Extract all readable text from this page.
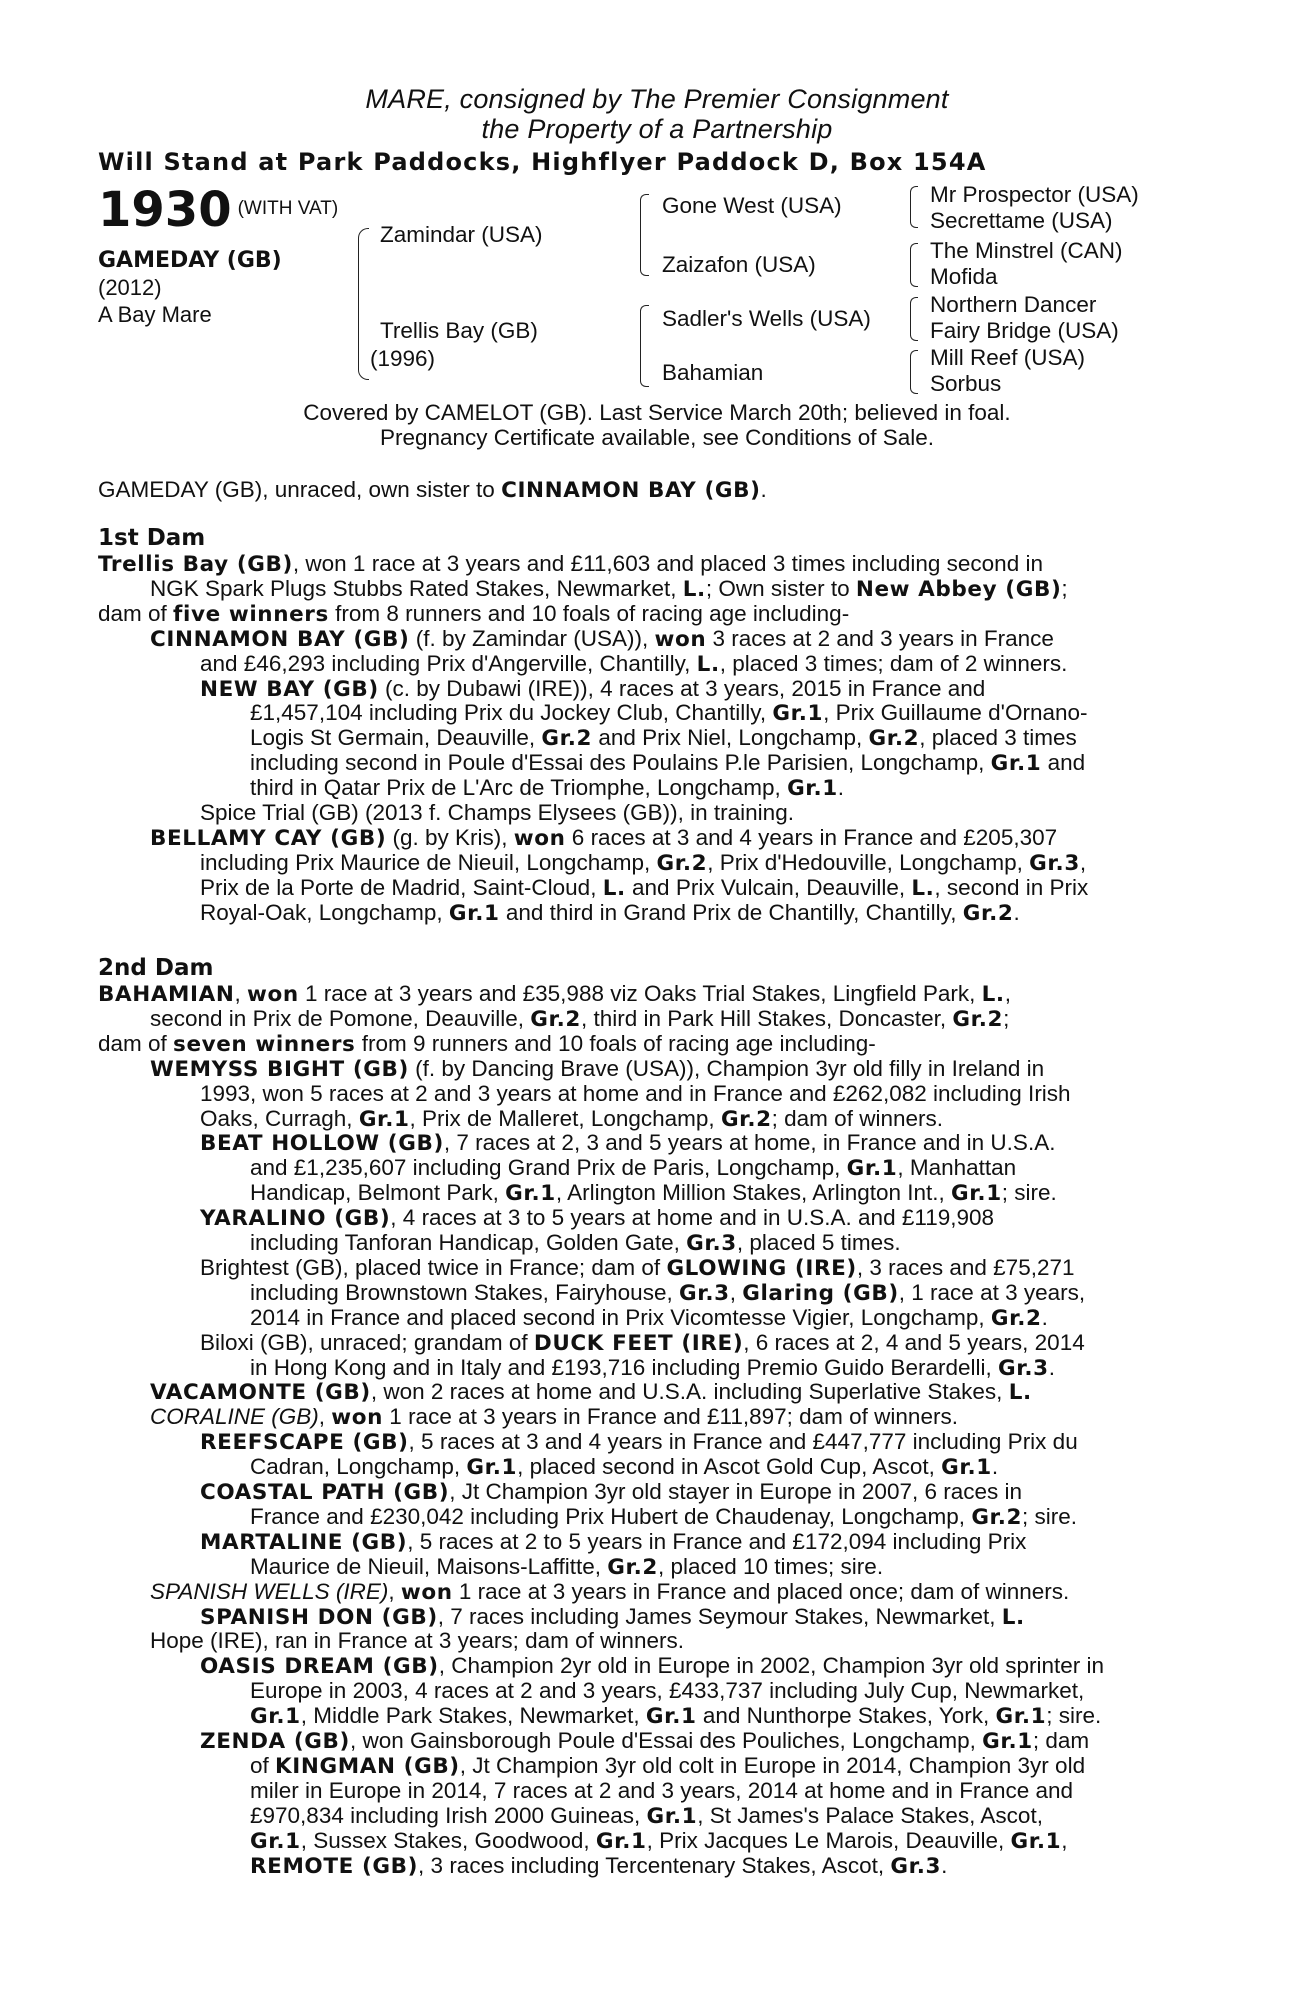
MARE, consigned by The Premier Consignment
the Property of a Partnership
Will Stand at Park Paddocks, Highflyer Paddock D, Box 154A
1930 $^{(WITH VAT)}$
GAMEDAY (GB)
(2012)
A Bay Mare
Zamindar (USA)
Trellis Bay (GB)
(1996)
Gone West (USA)
Zaizafon (USA)
Sadler's Wells (USA)
Bahamian
Mr Prospector (USA)
Secrettame (USA)
The Minstrel (CAN)
Mofida
Northern Dancer
Fairy Bridge (USA)
Mill Reef (USA)
Sorbus
Covered by CAMELOT (GB). Last Service March 20th; believed in foal.
Pregnancy Certificate available, see Conditions of Sale.
GAMEDAY (GB), unraced, own sister to CINNAMON BAY (GB).
1st Dam
Trellis Bay (GB), won 1 race at 3 years and £11,603 and placed 3 times including second in
NGK Spark Plugs Stubbs Rated Stakes, Newmarket, L.; Own sister to New Abbey (GB);
dam of five winners from 8 runners and 10 foals of racing age including-
CINNAMON BAY (GB) (f. by Zamindar (USA)), won 3 races at 2 and 3 years in France
and £46,293 including Prix d'Angerville, Chantilly, L., placed 3 times; dam of 2 winners.
NEW BAY (GB) (c. by Dubawi (IRE)), 4 races at 3 years, 2015 in France and
£1,457,104 including Prix du Jockey Club, Chantilly, Gr.1, Prix Guillaume d'Ornano-
Logis St Germain, Deauville, Gr.2 and Prix Niel, Longchamp, Gr.2, placed 3 times
including second in Poule d'Essai des Poulains P.le Parisien, Longchamp, Gr.1 and
third in Qatar Prix de L'Arc de Triomphe, Longchamp, Gr.1.
Spice Trial (GB) (2013 f. Champs Elysees (GB)), in training.
BELLAMY CAY (GB) (g. by Kris), won 6 races at 3 and 4 years in France and £205,307
including Prix Maurice de Nieuil, Longchamp, Gr.2, Prix d'Hedouville, Longchamp, Gr.3,
Prix de la Porte de Madrid, Saint-Cloud, L. and Prix Vulcain, Deauville, L., second in Prix
Royal-Oak, Longchamp, Gr.1 and third in Grand Prix de Chantilly, Chantilly, Gr.2.
2nd Dam
BAHAMIAN, won 1 race at 3 years and £35,988 viz Oaks Trial Stakes, Lingfield Park, L.,
second in Prix de Pomone, Deauville, Gr.2, third in Park Hill Stakes, Doncaster, Gr.2;
dam of seven winners from 9 runners and 10 foals of racing age including-
WEMYSS BIGHT (GB) (f. by Dancing Brave (USA)), Champion 3yr old filly in Ireland in
1993, won 5 races at 2 and 3 years at home and in France and £262,082 including Irish
Oaks, Curragh, Gr.1, Prix de Malleret, Longchamp, Gr.2; dam of winners.
BEAT HOLLOW (GB), 7 races at 2, 3 and 5 years at home, in France and in U.S.A.
and £1,235,607 including Grand Prix de Paris, Longchamp, Gr.1, Manhattan
Handicap, Belmont Park, Gr.1, Arlington Million Stakes, Arlington Int., Gr.1; sire.
YARALINO (GB), 4 races at 3 to 5 years at home and in U.S.A. and £119,908
including Tanforan Handicap, Golden Gate, Gr.3, placed 5 times.
Brightest (GB), placed twice in France; dam of GLOWING (IRE), 3 races and £75,271
including Brownstown Stakes, Fairyhouse, Gr.3, Glaring (GB), 1 race at 3 years,
2014 in France and placed second in Prix Vicomtesse Vigier, Longchamp, Gr.2.
Biloxi (GB), unraced; grandam of DUCK FEET (IRE), 6 races at 2, 4 and 5 years, 2014
in Hong Kong and in Italy and £193,716 including Premio Guido Berardelli, Gr.3.
VACAMONTE (GB), won 2 races at home and U.S.A. including Superlative Stakes, L.
CORALINE (GB), won 1 race at 3 years in France and £11,897; dam of winners.
REEFSCAPE (GB), 5 races at 3 and 4 years in France and £447,777 including Prix du
Cadran, Longchamp, Gr.1, placed second in Ascot Gold Cup, Ascot, Gr.1.
COASTAL PATH (GB), Jt Champion 3yr old stayer in Europe in 2007, 6 races in
France and £230,042 including Prix Hubert de Chaudenay, Longchamp, Gr.2; sire.
MARTALINE (GB), 5 races at 2 to 5 years in France and £172,094 including Prix
Maurice de Nieuil, Maisons-Laffitte, Gr.2, placed 10 times; sire.
SPANISH WELLS (IRE), won 1 race at 3 years in France and placed once; dam of winners.
SPANISH DON (GB), 7 races including James Seymour Stakes, Newmarket, L.
Hope (IRE), ran in France at 3 years; dam of winners.
OASIS DREAM (GB), Champion 2yr old in Europe in 2002, Champion 3yr old sprinter in
Europe in 2003, 4 races at 2 and 3 years, £433,737 including July Cup, Newmarket,
Gr.1, Middle Park Stakes, Newmarket, Gr.1 and Nunthorpe Stakes, York, Gr.1; sire.
ZENDA (GB), won Gainsborough Poule d'Essai des Pouliches, Longchamp, Gr.1; dam
of KINGMAN (GB), Jt Champion 3yr old colt in Europe in 2014, Champion 3yr old
miler in Europe in 2014, 7 races at 2 and 3 years, 2014 at home and in France and
£970,834 including Irish 2000 Guineas, Gr.1, St James's Palace Stakes, Ascot,
Gr.1, Sussex Stakes, Goodwood, Gr.1, Prix Jacques Le Marois, Deauville, Gr.1,
REMOTE (GB), 3 races including Tercentenary Stakes, Ascot, Gr.3.
